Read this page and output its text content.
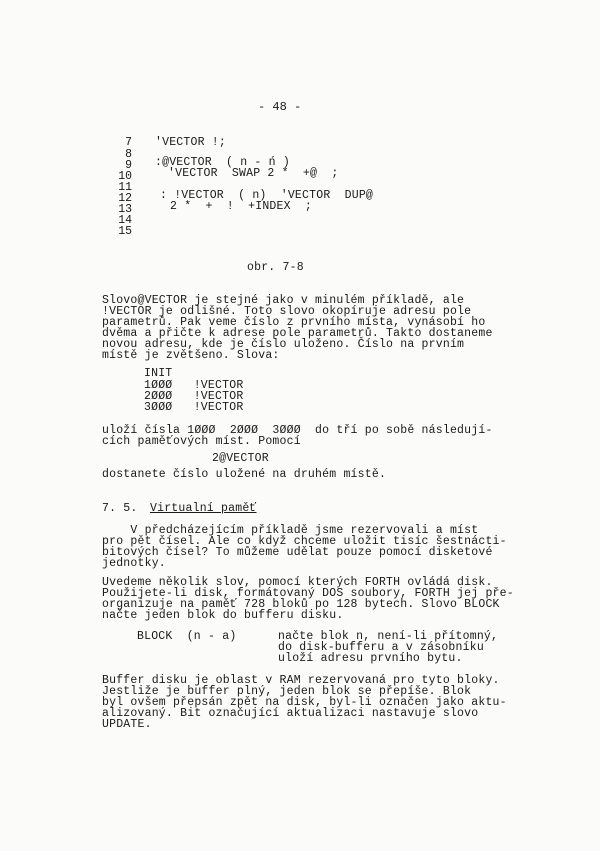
- 48 -
7
8
9
10
11
12
13
14
15
'VECTOR !;
:@VECTOR  ( n - ń )
'VECTOR  SWAP 2 *  +@  ;
: !VECTOR  ( n)  'VECTOR  DUP@
2 *  +  !  +INDEX  ;
obr. 7-8
Slovo@VECTOR je stejné jako v minulém příkladě, ale
!VECTOR je odlišné. Toto slovo okopíruje adresu pole
parametrů. Pak veme číslo z prvního místa, vynásobí ho
dvěma a přičte k adrese pole parametrů. Takto dostaneme
novou adresu, kde je číslo uloženo. Číslo na prvním
místě je zvětšeno. Slova:
INIT
1ØØØ   !VECTOR
2ØØØ   !VECTOR
3ØØØ   !VECTOR
uloží čísla 1ØØØ  2ØØØ  3ØØØ  do tří po sobě následují-
cích paměťových míst. Pomocí
2@VECTOR
dostanete číslo uložené na druhém místě.
7. 5. Virtualní paměť
V předcházejícím příkladě jsme rezervovali a míst
pro pět čísel. Ale co když chceme uložit tisíc šestnácti-
bitových čísel? To můžeme udělat pouze pomocí disketové
jednotky.
Uvedeme několik slov, pomocí kterých FORTH ovládá disk.
Použijete-li disk, formátovaný DOS soubory, FORTH jej pře-
organizuje na paměť 728 bloků po 128 bytech. Slovo BLOCK
načte jeden blok do bufferu disku.
BLOCK  (n - a)	načte blok n, není-li přítomný,
do disk-bufferu a v zásobníku
uloží adresu prvního bytu.
Buffer disku je oblast v RAM rezervovaná pro tyto bloky.
Jestliže je buffer plný, jeden blok se přepíše. Blok
byl ovšem přepsán zpět na disk, byl-li označen jako aktu-
alizovaný. Bit označující aktualizaci nastavuje slovo
UPDATE.
